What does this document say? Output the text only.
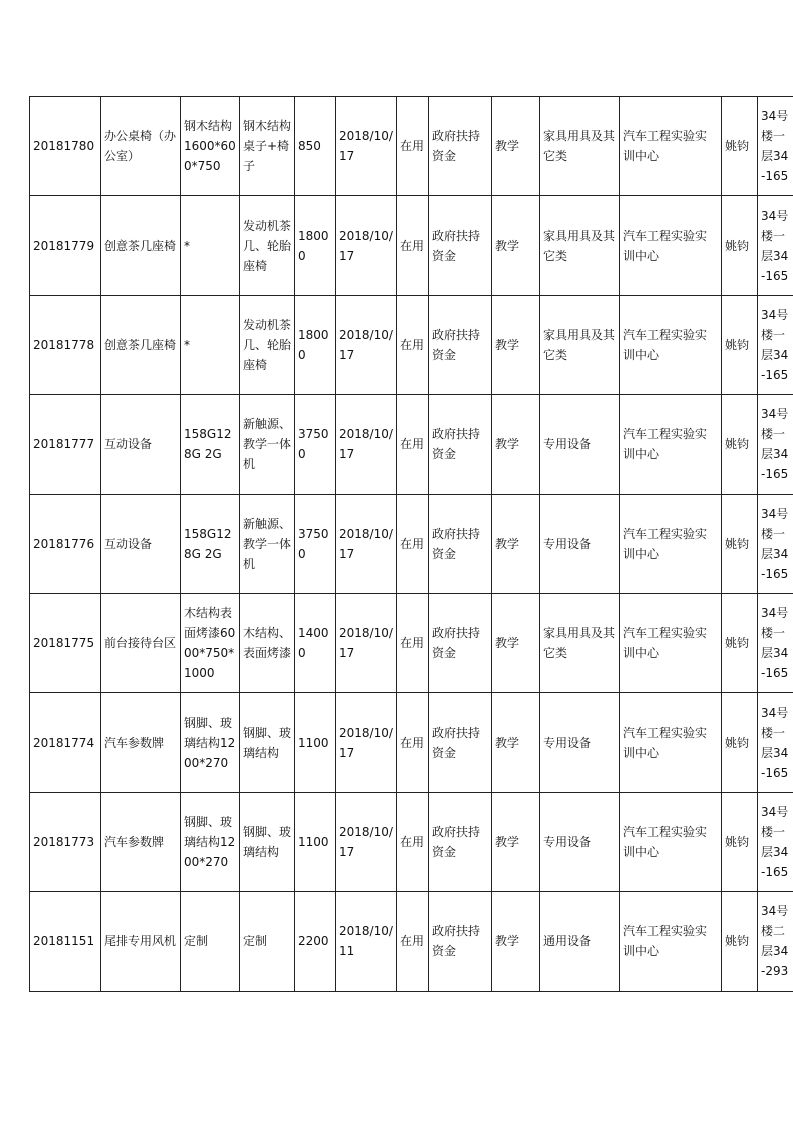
20181780	办公桌椅（办公室）	钢木结构1600*600*750	钢木结构桌子+椅子	850	2018/10/17	在用	政府扶持资金	教学	家具用具及其它类	汽车工程实验实训中心	姚钧	34号楼一层34-165
20181779	创意茶几座椅	*	发动机茶几、轮胎座椅	18000	2018/10/17	在用	政府扶持资金	教学	家具用具及其它类	汽车工程实验实训中心	姚钧	34号楼一层34-165
20181778	创意茶几座椅	*	发动机茶几、轮胎座椅	18000	2018/10/17	在用	政府扶持资金	教学	家具用具及其它类	汽车工程实验实训中心	姚钧	34号楼一层34-165
20181777	互动设备	158G128G 2G	新触源、教学一体机	37500	2018/10/17	在用	政府扶持资金	教学	专用设备	汽车工程实验实训中心	姚钧	34号楼一层34-165
20181776	互动设备	158G128G 2G	新触源、教学一体机	37500	2018/10/17	在用	政府扶持资金	教学	专用设备	汽车工程实验实训中心	姚钧	34号楼一层34-165
20181775	前台接待台区	木结构表面烤漆6000*750*1000	木结构、表面烤漆	14000	2018/10/17	在用	政府扶持资金	教学	家具用具及其它类	汽车工程实验实训中心	姚钧	34号楼一层34-165
20181774	汽车参数牌	钢脚、玻璃结构1200*270	钢脚、玻璃结构	1100	2018/10/17	在用	政府扶持资金	教学	专用设备	汽车工程实验实训中心	姚钧	34号楼一层34-165
20181773	汽车参数牌	钢脚、玻璃结构1200*270	钢脚、玻璃结构	1100	2018/10/17	在用	政府扶持资金	教学	专用设备	汽车工程实验实训中心	姚钧	34号楼一层34-165
20181151	尾排专用风机	定制	定制	2200	2018/10/11	在用	政府扶持资金	教学	通用设备	汽车工程实验实训中心	姚钧	34号楼二层34-293
